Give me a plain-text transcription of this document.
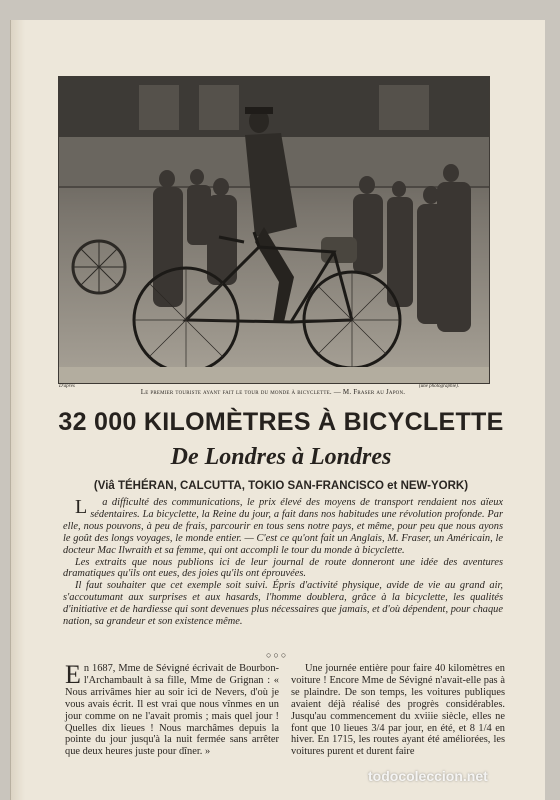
D'après	(une photographie).
Le premier touriste ayant fait le tour du monde à bicyclette. — M. Fraser au Japon.
32 000 KILOMÈTRES À BICYCLETTE
De Londres à Londres
(Viâ TÉHÉRAN, CALCUTTA, TOKIO SAN-FRANCISCO et NEW-YORK)

L a difficulté des communications, le prix élevé des moyens de transport rendaient nos aïeux sédentaires. La bicyclette, la Reine du jour, a fait dans nos habitudes une révolution profonde. Par elle, nous pouvons, à peu de frais, parcourir en tous sens notre pays, et même, pour peu que nous ayons le goût des longs voyages, le monde entier. — C'est ce qu'ont fait un Anglais, M. Fraser, un Américain, le docteur Mac Ilwraith et sa femme, qui ont accompli le tour du monde à bicyclette.

Les extraits que nous publions ici de leur journal de route donneront une idée des aventures dramatiques qu'ils ont eues, des joies qu'ils ont éprouvées.

Il faut souhaiter que cet exemple soit suivi. Épris d'activité physique, avide de vie au grand air, s'accoutumant aux surprises et aux hasards, l'homme doublera, grâce à la bicyclette, les qualités d'initiative et de hardiesse qui sont devenues plus nécessaires que jamais, et d'où dépendent, pour chaque nation, sa grandeur et son existence même.

○○○

En 1687, Mme de Sévigné écrivait de Bourbon-l'Archambault à sa fille, Mme de Grignan : « Nous arrivâmes hier au soir ici de Nevers, d'où je vous avais écrit. Il est vrai que nous vînmes en un jour comme on ne l'avait promis ; mais quel jour ! Quelles dix lieues ! Nous marchâmes depuis la pointe du jour jusqu'à la nuit fermée sans arrêter que deux heures juste pour dîner. »

Une journée entière pour faire 40 kilomètres en voiture ! Encore Mme de Sévigné n'avait-elle pas à se plaindre. De son temps, les voitures publiques avaient déjà réalisé des progrès considérables. Jusqu'au commencement du xviiie siècle, elles ne font que 10 lieues 3/4 par jour, en été, et 8 1/4 en hiver. En 1715, les routes ayant été améliorées, les voitures purent et durent faire

todocoleccion.net
